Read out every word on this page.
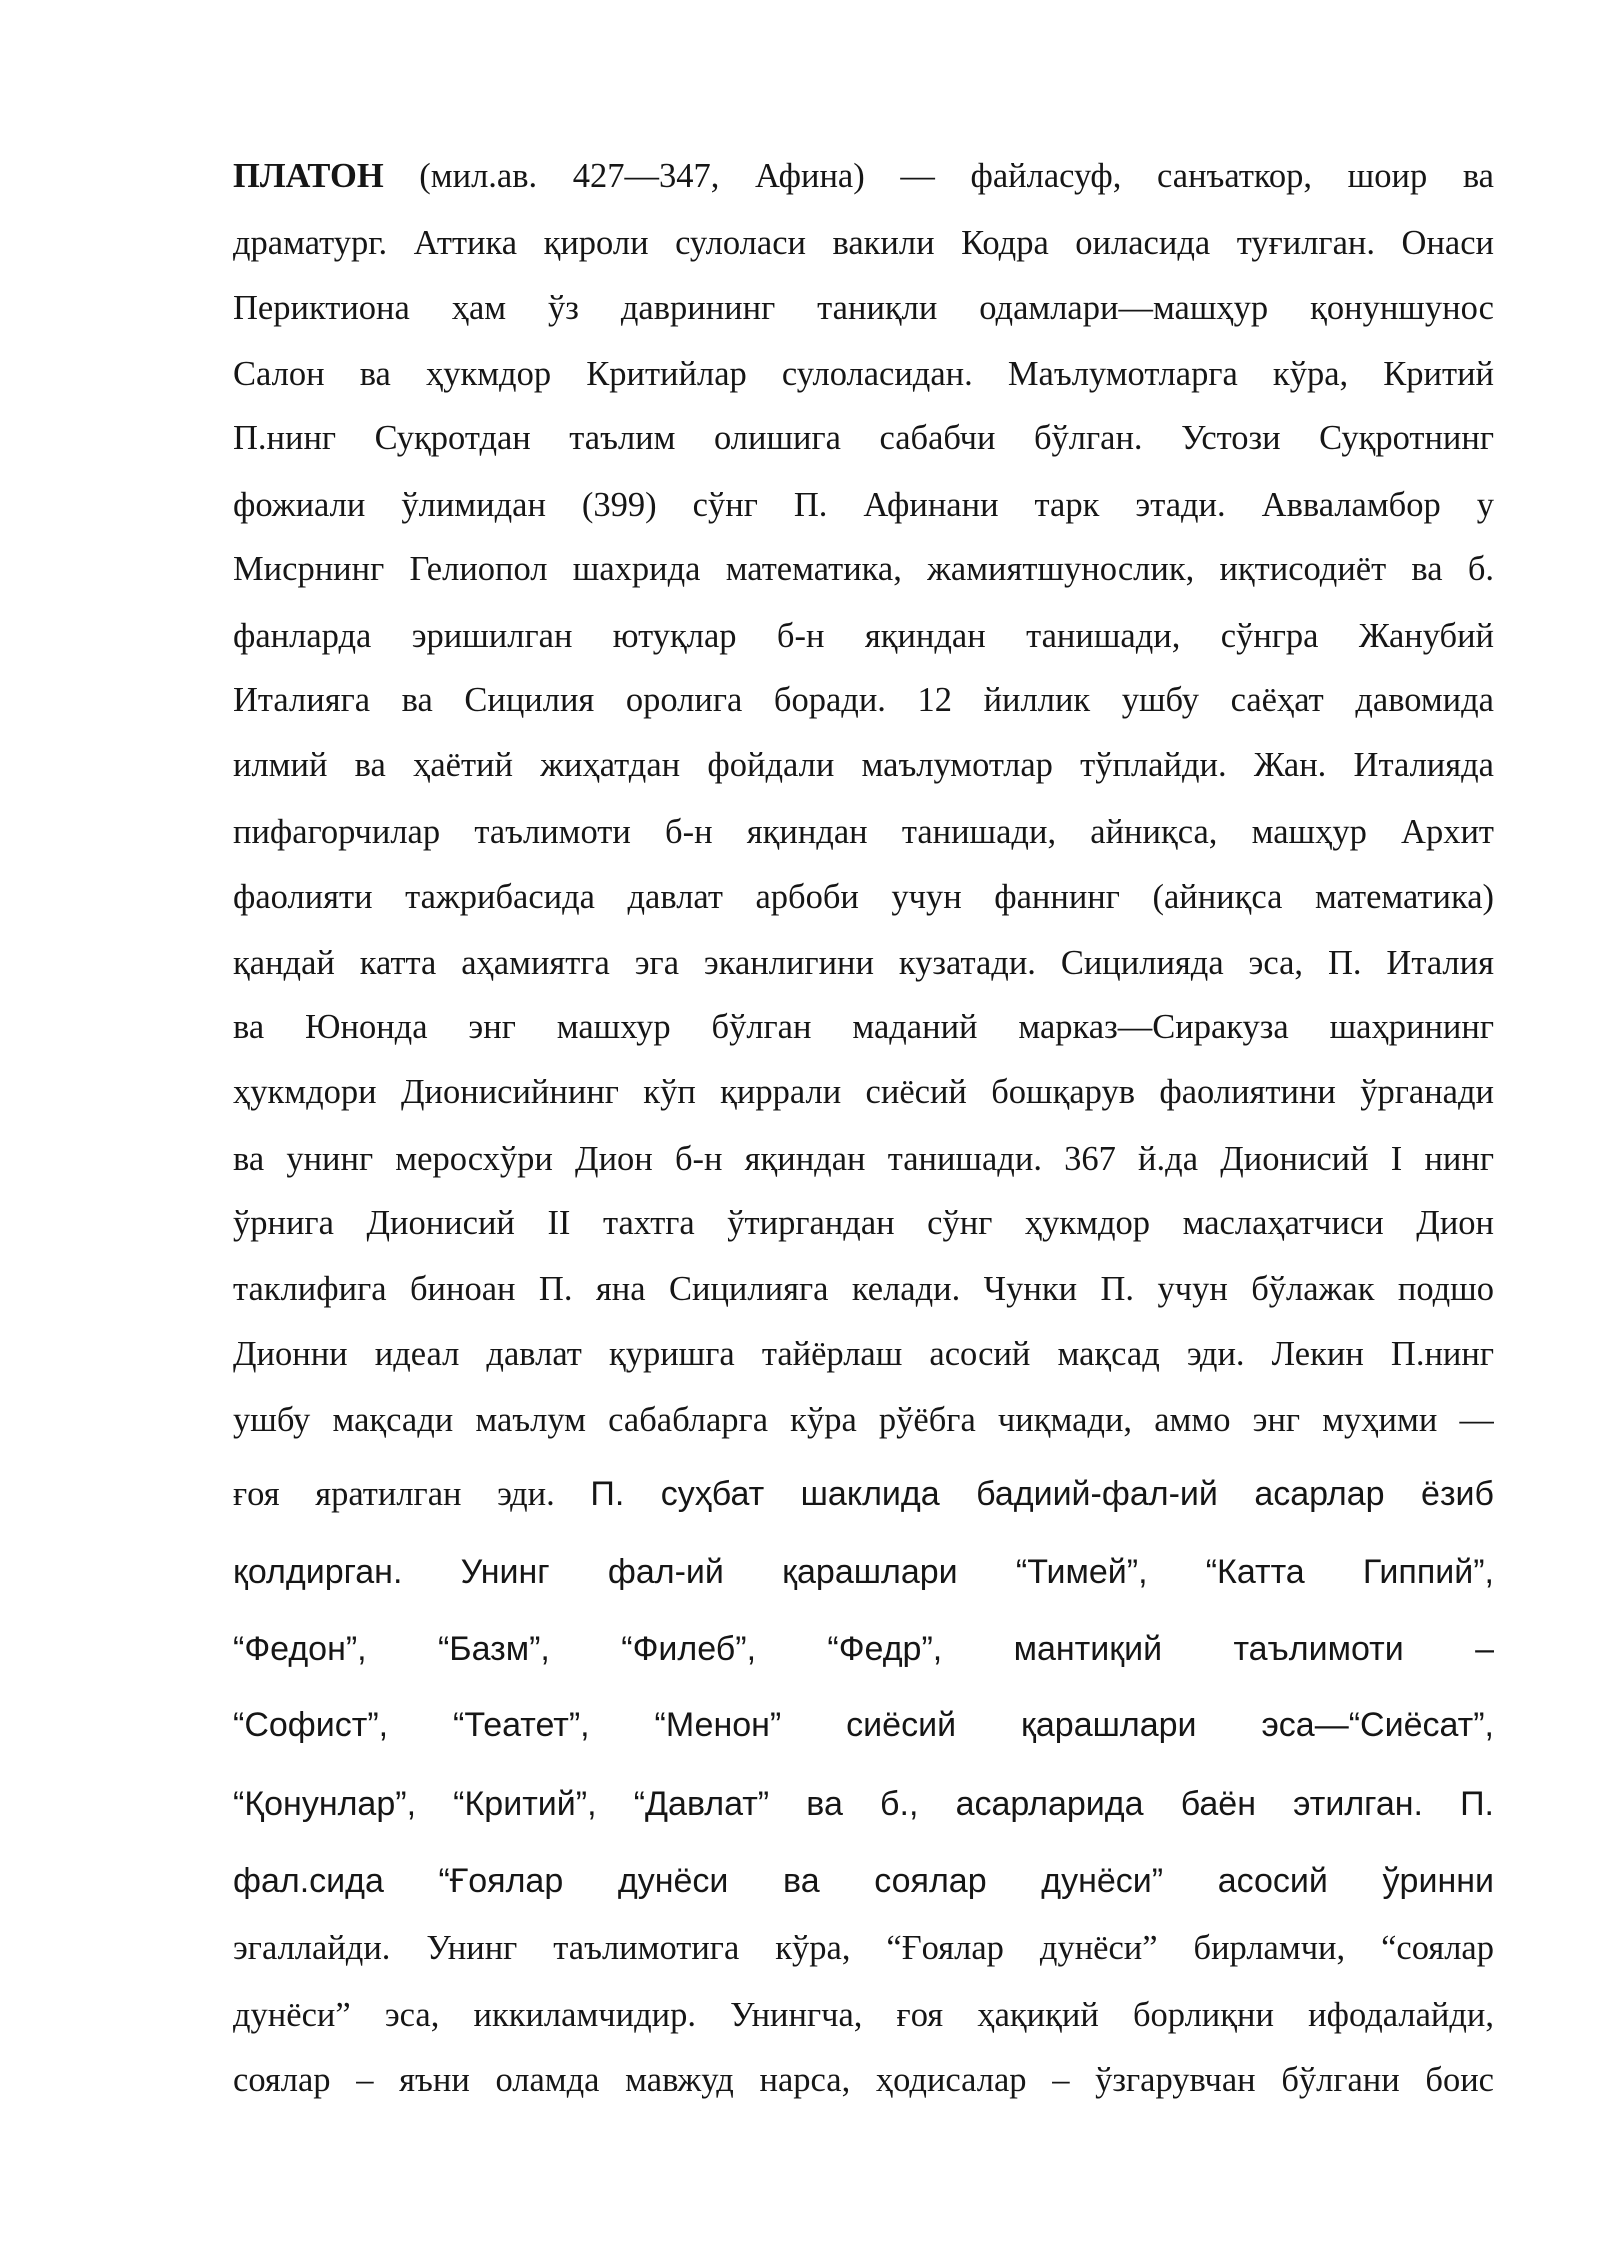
ПЛАТОН (мил.ав. 427—347, Афина) — файласуф, санъаткор, шоир ва
драматург. Аттика қироли сулоласи вакили Кодра оиласида туғилган. Онаси
Периктиона ҳам ўз даврининг таниқли одамлари—машҳур қонуншунос
Салон ва ҳукмдор Критийлар сулоласидан. Маълумотларга кўра, Критий
П.нинг Суқротдан таълим олишига сабабчи бўлган. Устози Суқротнинг
фожиали ўлимидан (399) сўнг П. Афинани тарк этади. Авваламбор у
Мисрнинг Гелиопол шахрида математика, жамиятшунослик, иқтисодиёт ва б.
фанларда эришилган ютуқлар б-н яқиндан танишади, сўнгра Жанубий
Италияга ва Сицилия оролига боради. 12 йиллик ушбу саёҳат давомида
илмий ва ҳаётий жиҳатдан фойдали маълумотлар тўплайди. Жан. Италияда
пифагорчилар таълимоти б-н яқиндан танишади, айниқса, машҳур Архит
фаолияти тажрибасида давлат арбоби учун фаннинг (айниқса математика)
қандай катта аҳамиятга эга эканлигини кузатади. Сицилияда эса, П. Италия
ва Юнонда энг машхур бўлган маданий марказ—Сиракуза шаҳрининг
ҳукмдори Дионисийнинг кўп қиррали сиёсий бошқарув фаолиятини ўрганади
ва унинг меросхўри Дион б-н яқиндан танишади. 367 й.да Дионисий I нинг
ўрнига Дионисий II тахтга ўтиргандан сўнг ҳукмдор маслаҳатчиси Дион
таклифига биноан П. яна Сицилияга келади. Чунки П. учун бўлажак подшо
Дионни идеал давлат қуришга тайёрлаш асосий мақсад эди. Лекин П.нинг
ушбу мақсади маълум сабабларга кўра рўёбга чиқмади, аммо энг муҳими —
ғоя яратилган эди. П. суҳбат шаклида бадиий-фал-ий асарлар ёзиб
қолдирган. Унинг фал-ий қарашлари “Тимей”, “Катта Гиппий”,
“Федон”, “Базм”, “Филеб”, “Федр”, мантиқий таълимоти –
“Софист”, “Театет”, “Менон” сиёсий қарашлари эса—“Сиёсат”,
“Қонунлар”, “Критий”, “Давлат” ва б., асарларида баён этилган. П.
фал.сида “Ғоялар дунёси ва соялар дунёси” асосий ўринни
эгаллайди. Унинг таълимотига кўра, “Ғоялар дунёси” бирламчи, “соялар
дунёси” эса, иккиламчидир. Унингча, ғоя ҳақиқий борлиқни ифодалайди,
соялар – яъни оламда мавжуд нарса, ҳодисалар – ўзгарувчан бўлгани боис
